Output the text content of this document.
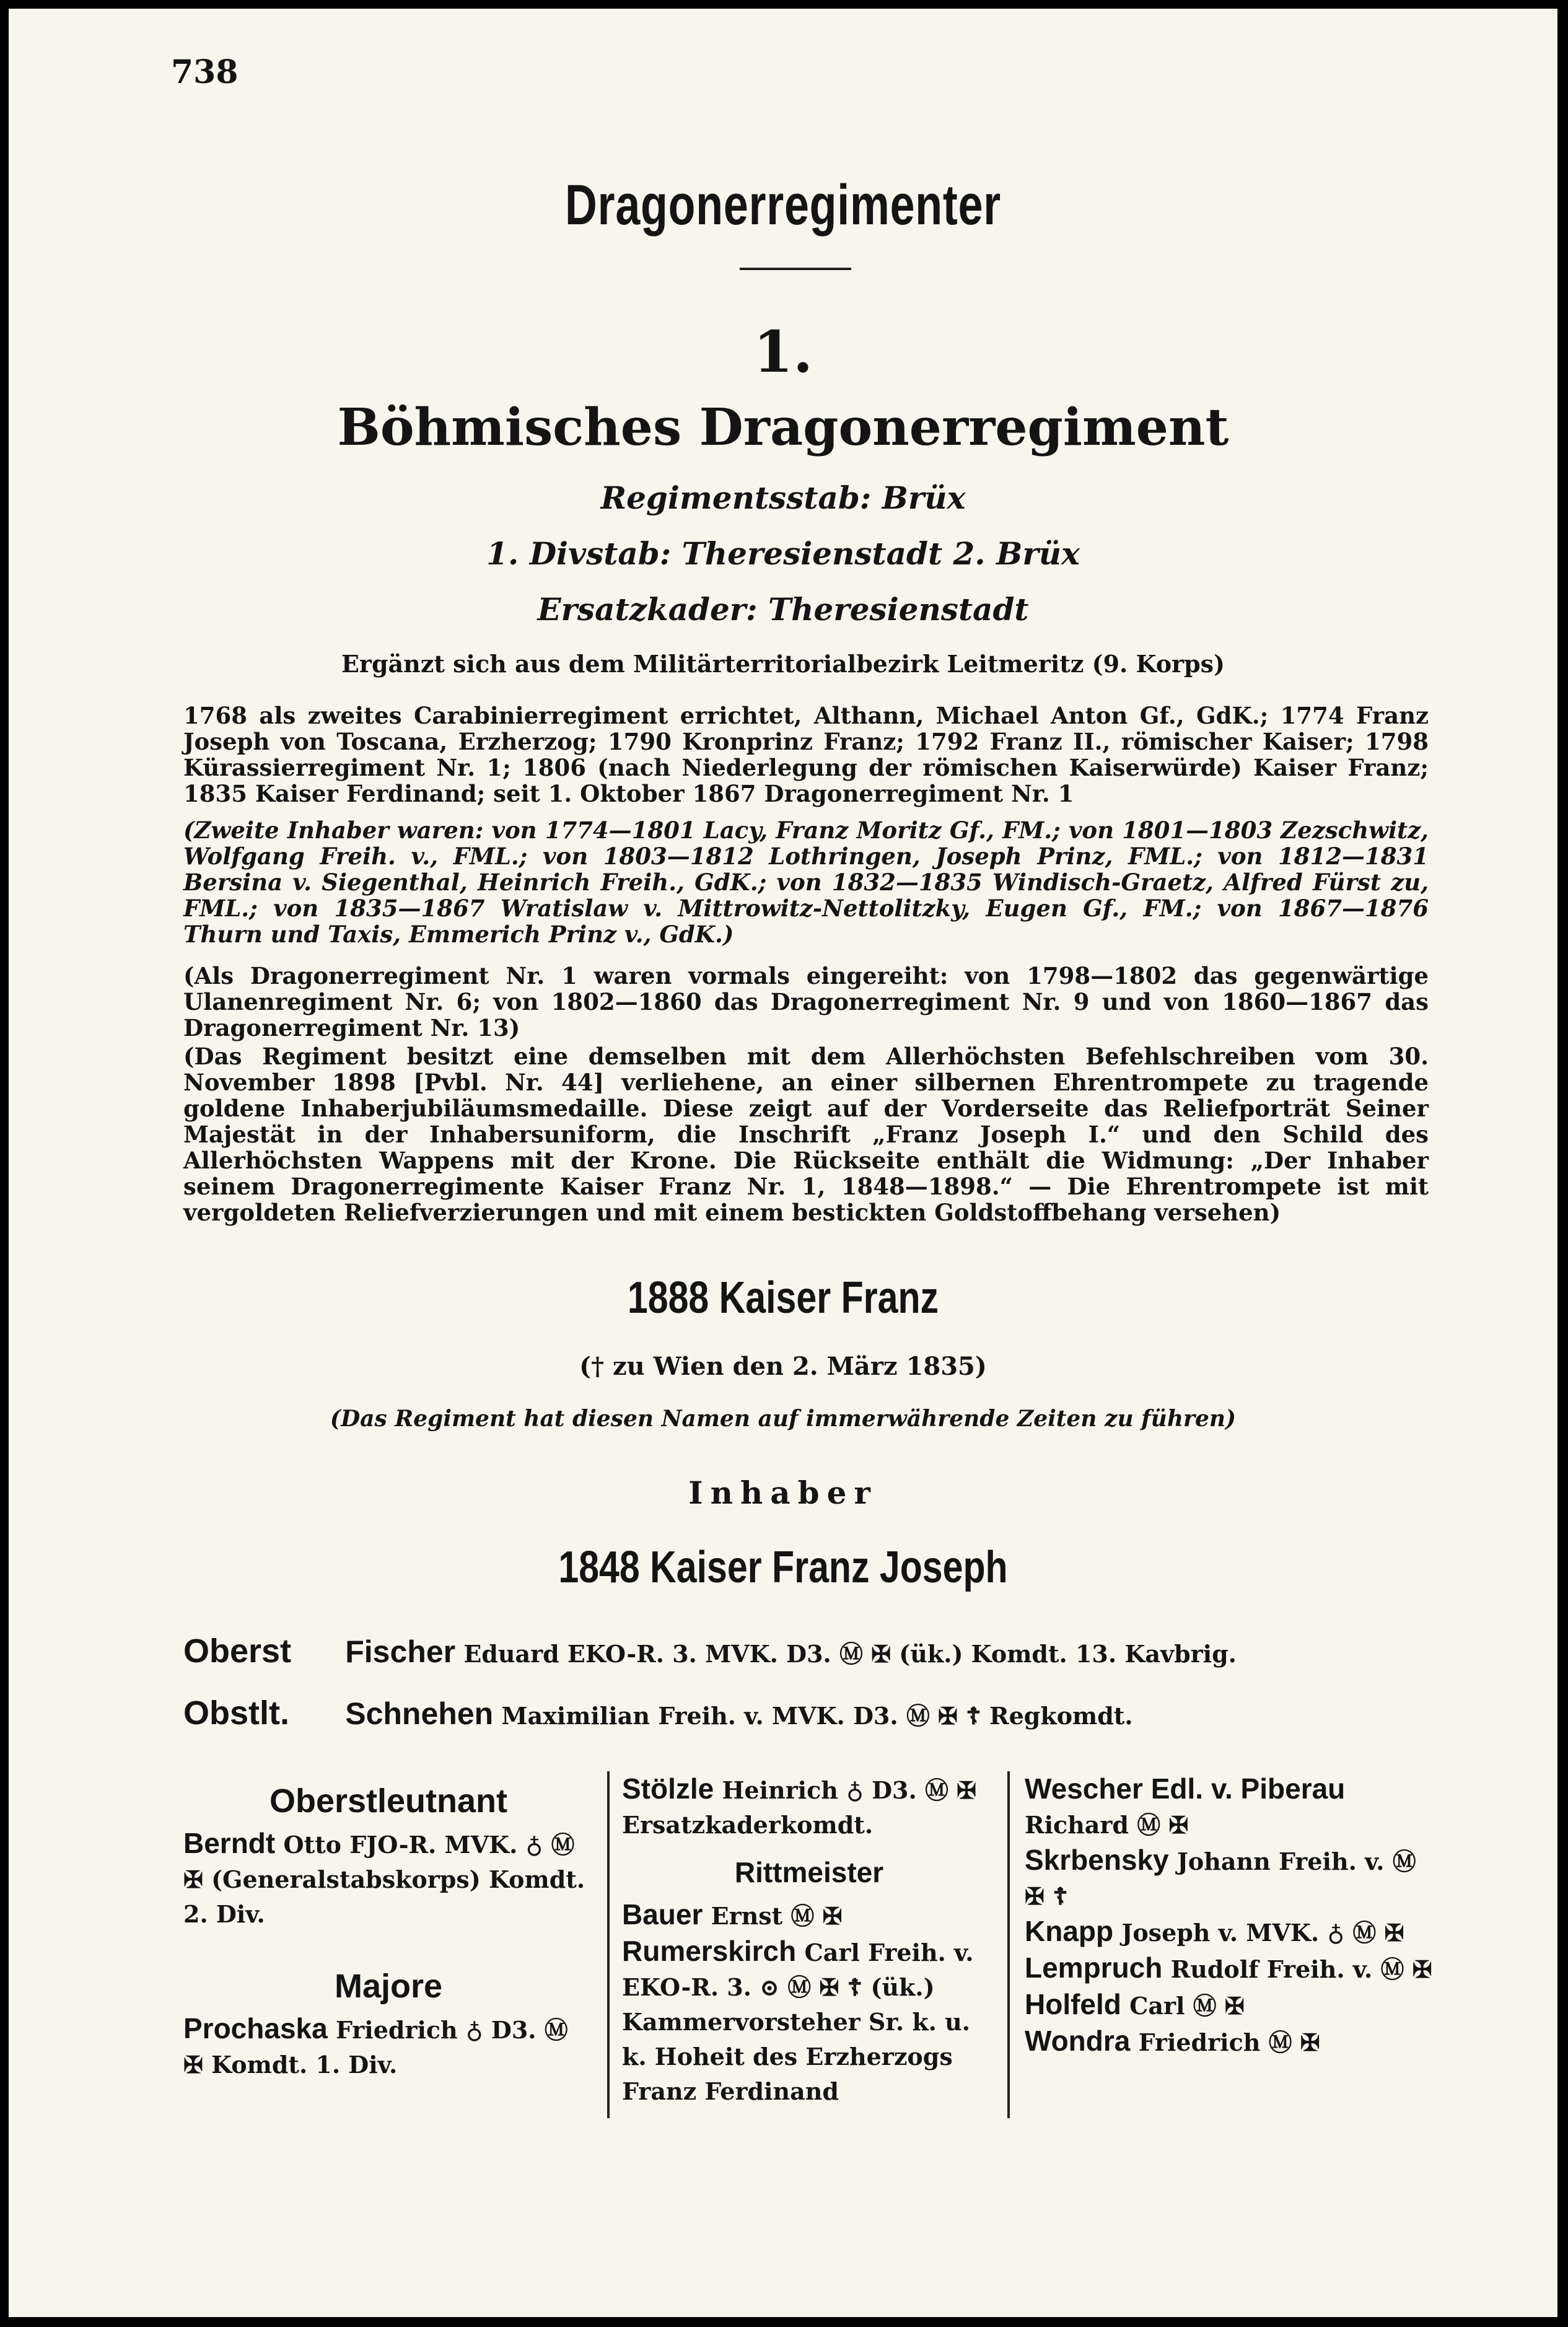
738
Dragonerregimenter
1.
Böhmisches Dragonerregiment
Regimentsstab: Brüx
1. Divstab: Theresienstadt 2. Brüx
Ersatzkader: Theresienstadt
Ergänzt sich aus dem Militärterritorialbezirk Leitmeritz (9. Korps)
1768 als zweites Carabinierregiment errichtet, Althann, Michael Anton Gf., GdK.; 1774 Franz Joseph von Toscana, Erzherzog; 1790 Kronprinz Franz; 1792 Franz II., römischer Kaiser; 1798 Kürassierregiment Nr. 1; 1806 (nach Niederlegung der römischen Kaiserwürde) Kaiser Franz; 1835 Kaiser Ferdinand; seit 1. Oktober 1867 Dragonerregiment Nr. 1
(Zweite Inhaber waren: von 1774—1801 Lacy, Franz Moritz Gf., FM.; von 1801—1803 Zezschwitz, Wolfgang Freih. v., FML.; von 1803—1812 Lothringen, Joseph Prinz, FML.; von 1812—1831 Bersina v. Siegenthal, Heinrich Freih., GdK.; von 1832—1835 Windisch-Graetz, Alfred Fürst zu, FML.; von 1835—1867 Wratislaw v. Mittrowitz-Nettolitzky, Eugen Gf., FM.; von 1867—1876 Thurn und Taxis, Emmerich Prinz v., GdK.)
(Als Dragonerregiment Nr. 1 waren vormals eingereiht: von 1798—1802 das gegenwärtige Ulanenregiment Nr. 6; von 1802—1860 das Dragonerregiment Nr. 9 und von 1860—1867 das Dragonerregiment Nr. 13)
(Das Regiment besitzt eine demselben mit dem Allerhöchsten Befehlschreiben vom 30. November 1898 [Pvbl. Nr. 44] verliehene, an einer silbernen Ehrentrompete zu tragende goldene Inhaberjubiläumsmedaille. Diese zeigt auf der Vorderseite das Reliefporträt Seiner Majestät in der Inhabersuniform, die Inschrift „Franz Joseph I.“ und den Schild des Allerhöchsten Wappens mit der Krone. Die Rückseite enthält die Widmung: „Der Inhaber seinem Dragonerregimente Kaiser Franz Nr. 1, 1848—1898.“ — Die Ehrentrompete ist mit vergoldeten Reliefverzierungen und mit einem bestickten Goldstoffbehang versehen)
1888 Kaiser Franz
(† zu Wien den 2. März 1835)
(Das Regiment hat diesen Namen auf immerwährende Zeiten zu führen)
Inhaber
1848 Kaiser Franz Joseph
Oberst Fischer Eduard EKO-R. 3. MVK. D3. Ⓜ ✠ (ük.) Komdt. 13. Kavbrig.
Obstlt. Schnehen Maximilian Freih. v. MVK. D3. Ⓜ ✠ ☦ Regkomdt.
Oberstleutnant
Berndt Otto FJO-R. MVK. ♁ Ⓜ ✠ (Generalstabskorps) Komdt. 2. Div.
Majore
Prochaska Friedrich ♁ D3. Ⓜ ✠ Komdt. 1. Div.
Stölzle Heinrich ♁ D3. Ⓜ ✠ Ersatzkaderkomdt.
Rittmeister
Bauer Ernst Ⓜ ✠
Rumerskirch Carl Freih. v. EKO-R. 3. ⊙ Ⓜ ✠ ☦ (ük.) Kammervorsteher Sr. k. u. k. Hoheit des Erzherzogs Franz Ferdinand
Wescher Edl. v. Piberau Richard Ⓜ ✠
Skrbensky Johann Freih. v. Ⓜ ✠ ☦
Knapp Joseph v. MVK. ♁ Ⓜ ✠
Lempruch Rudolf Freih. v. Ⓜ ✠
Holfeld Carl Ⓜ ✠
Wondra Friedrich Ⓜ ✠
